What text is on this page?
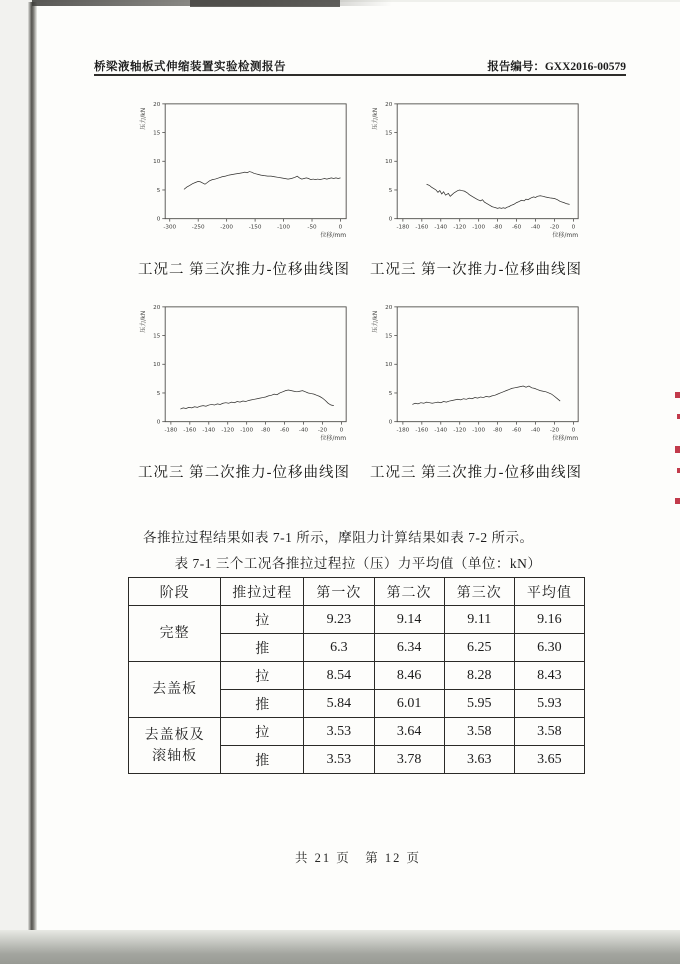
桥梁液轴板式伸缩装置实验检测报告	报告编号：GXX2016-00579
0
5
10
15
20
-300	-250	-200	-150	-100	-50	0
压力/kN
位移/mm
工况二 第三次推力-位移曲线图
0
5
10
15
20
-180 -160 -140 -120 -100 -80 -60 -40 -20 0
压力/kN
位移/mm
工况三 第一次推力-位移曲线图
0
5
10
15
20
-180 -160 -140 -120 -100 -80 -60 -40 -20 0
压力/kN
位移/mm
工况三 第二次推力-位移曲线图
0
5
10
15
20
-180 -160 -140 -120 -100 -80 -60 -40 -20 0
压力/kN
位移/mm
工况三 第三次推力-位移曲线图

各推拉过程结果如表 7-1 所示，摩阻力计算结果如表 7-2 所示。

表 7-1 三个工况各推拉过程拉（压）力平均值（单位：kN）
阶段	推拉过程	第一次	第二次	第三次	平均值
完整	拉	9.23	9.14	9.11	9.16
	推	6.3	6.34	6.25	6.30
去盖板	拉	8.54	8.46	8.28	8.43
	推	5.84	6.01	5.95	5.93
去盖板及滚轴板	拉	3.53	3.64	3.58	3.58
	推	3.53	3.78	3.63	3.65
共 21 页　第 12 页
